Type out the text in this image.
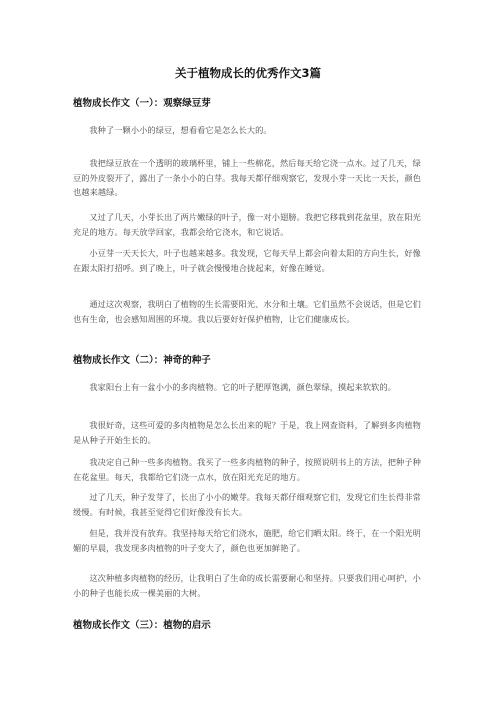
关于植物成长的优秀作文3篇
植物成长作文（一）：观察绿豆芽

我种了一颗小小的绿豆，想看看它是怎么长大的。

我把绿豆放在一个透明的玻璃杯里，铺上一些棉花，然后每天给它浇一点水。过了几天，绿豆的外皮裂开了，露出了一条小小的白芽。我每天都仔细观察它，发现小芽一天比一天长，颜色也越来越绿。

又过了几天，小芽长出了两片嫩绿的叶子，像一对小翅膀。我把它移栽到花盆里，放在阳光充足的地方。每天放学回家，我都会给它浇水，和它说话。

小豆芽一天天长大，叶子也越来越多。我发现，它每天早上都会向着太阳的方向生长，好像在跟太阳打招呼。到了晚上，叶子就会慢慢地合拢起来，好像在睡觉。

通过这次观察，我明白了植物的生长需要阳光、水分和土壤。它们虽然不会说话，但是它们也有生命，也会感知周围的环境。我以后要好好保护植物，让它们健康成长。

植物成长作文（二）：神奇的种子

我家阳台上有一盆小小的多肉植物。它的叶子肥厚饱满，颜色翠绿，摸起来软软的。

我很好奇，这些可爱的多肉植物是怎么长出来的呢？于是，我上网查资料，了解到多肉植物是从种子开始生长的。

我决定自己种一些多肉植物。我买了一些多肉植物的种子，按照说明书上的方法，把种子种在花盆里。每天，我都给它们浇一点水，放在阳光充足的地方。

过了几天，种子发芽了，长出了小小的嫩芽。我每天都仔细观察它们，发现它们生长得非常缓慢。有时候，我甚至觉得它们好像没有长大。

但是，我并没有放弃。我坚持每天给它们浇水，施肥，给它们晒太阳。终于，在一个阳光明媚的早晨，我发现多肉植物的叶子变大了，颜色也更加鲜艳了。

这次种植多肉植物的经历，让我明白了生命的成长需要耐心和坚持。只要我们用心呵护，小小的种子也能长成一棵美丽的大树。

植物成长作文（三）：植物的启示
